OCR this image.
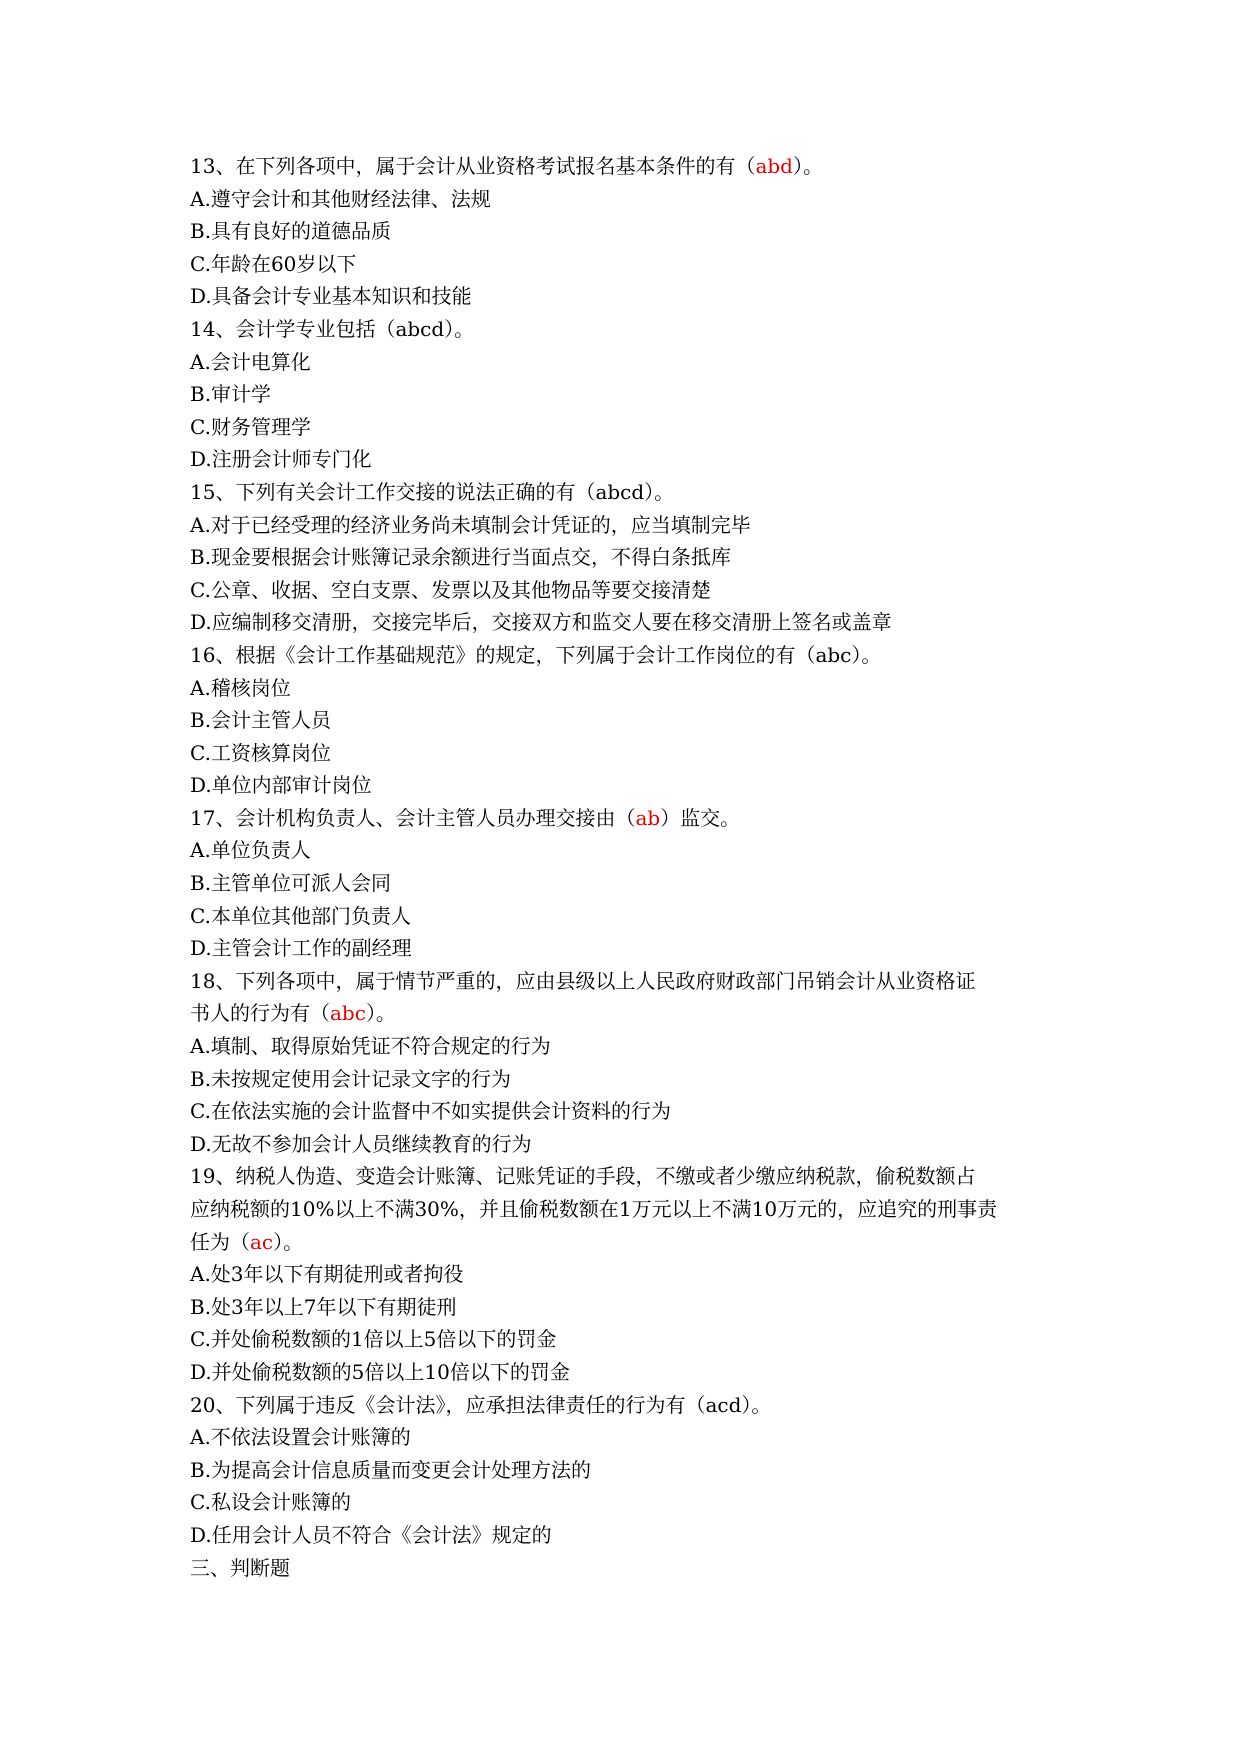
13、在下列各项中，属于会计从业资格考试报名基本条件的有（abd）。
A.遵守会计和其他财经法律、法规
B.具有良好的道德品质
C.年龄在60岁以下
D.具备会计专业基本知识和技能
14、会计学专业包括（abcd）。
A.会计电算化
B.审计学
C.财务管理学
D.注册会计师专门化
15、下列有关会计工作交接的说法正确的有（abcd）。
A.对于已经受理的经济业务尚未填制会计凭证的，应当填制完毕
B.现金要根据会计账簿记录余额进行当面点交，不得白条抵库
C.公章、收据、空白支票、发票以及其他物品等要交接清楚
D.应编制移交清册，交接完毕后，交接双方和监交人要在移交清册上签名或盖章
16、根据《会计工作基础规范》的规定，下列属于会计工作岗位的有（abc）。
A.稽核岗位
B.会计主管人员
C.工资核算岗位
D.单位内部审计岗位
17、会计机构负责人、会计主管人员办理交接由（ab）监交。
A.单位负责人
B.主管单位可派人会同
C.本单位其他部门负责人
D.主管会计工作的副经理
18、下列各项中，属于情节严重的，应由县级以上人民政府财政部门吊销会计从业资格证
书人的行为有（abc）。
A.填制、取得原始凭证不符合规定的行为
B.未按规定使用会计记录文字的行为
C.在依法实施的会计监督中不如实提供会计资料的行为
D.无故不参加会计人员继续教育的行为
19、纳税人伪造、变造会计账簿、记账凭证的手段，不缴或者少缴应纳税款，偷税数额占
应纳税额的10%以上不满30%，并且偷税数额在1万元以上不满10万元的，应追究的刑事责
任为（ac）。
A.处3年以下有期徒刑或者拘役
B.处3年以上7年以下有期徒刑
C.并处偷税数额的1倍以上5倍以下的罚金
D.并处偷税数额的5倍以上10倍以下的罚金
20、下列属于违反《会计法》，应承担法律责任的行为有（acd）。
A.不依法设置会计账簿的
B.为提高会计信息质量而变更会计处理方法的
C.私设会计账簿的
D.任用会计人员不符合《会计法》规定的
三、判断题
